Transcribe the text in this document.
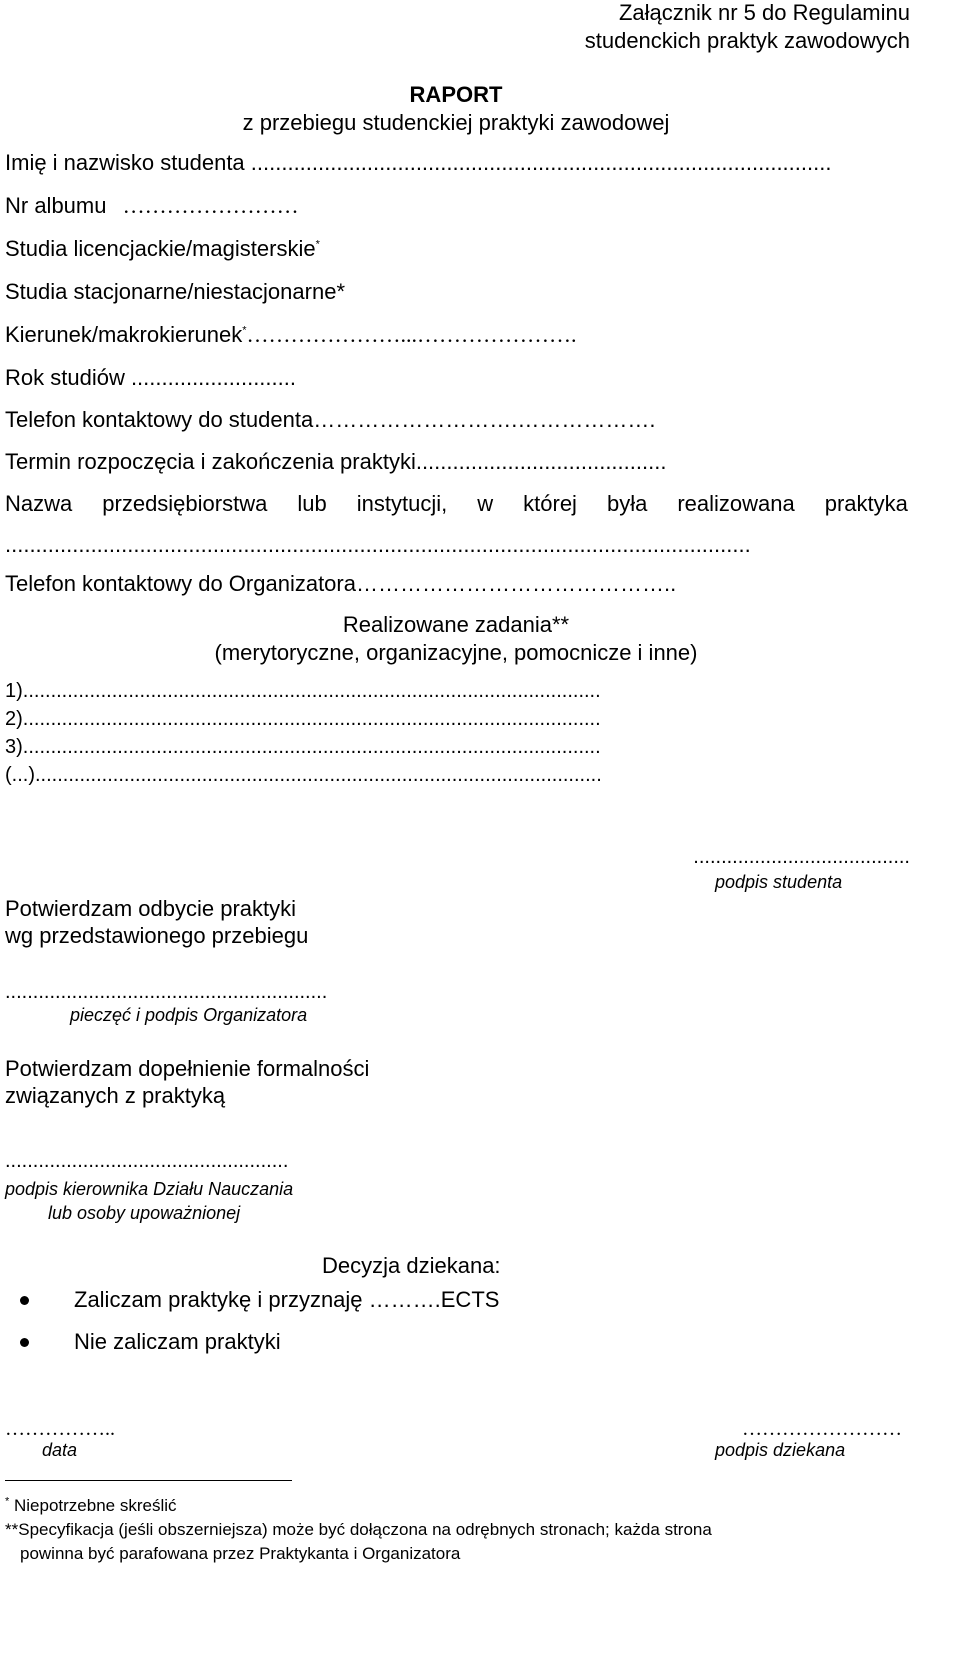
Załącznik nr 5 do Regulaminu
studenckich praktyk zawodowych
RAPORT
z przebiegu studenckiej praktyki zawodowej
Imię i nazwisko studenta ...............................................................................................
Nr albumu ……………………
Studia licencjackie/magisterskie*
Studia stacjonarne/niestacjonarne*
Kierunek/makrokierunek*…………………...………………….
Rok studiów ...........................
Telefon kontaktowy do studenta……………………….……………….
Termin rozpoczęcia i zakończenia praktyki.........................................
Nazwa przedsiębiorstwa lub instytucji, w której była realizowana praktyka
..........................................................................................................................
Telefon kontaktowy do Organizatora……………………………………..
Realizowane zadania**
(merytoryczne, organizacyjne, pomocnicze i inne)
1)........................................................................................................
2)........................................................................................................
3)........................................................................................................
(...)......................................................................................................
.......................................
podpis studenta
Potwierdzam odbycie praktyki
wg przedstawionego przebiegu
..........................................................
pieczęć i podpis Organizatora
Potwierdzam dopełnienie formalności
związanych z praktyką
...................................................
podpis kierownika Działu Nauczania
lub osoby upoważnionej
Decyzja dziekana:
Zaliczam praktykę i przyznaję ……….ECTS
Nie zaliczam praktyki
……………..
data
……………………
podpis dziekana
* Niepotrzebne skreślić
**Specyfikacja (jeśli obszerniejsza) może być dołączona na odrębnych stronach; każda strona
powinna być parafowana przez Praktykanta i Organizatora
